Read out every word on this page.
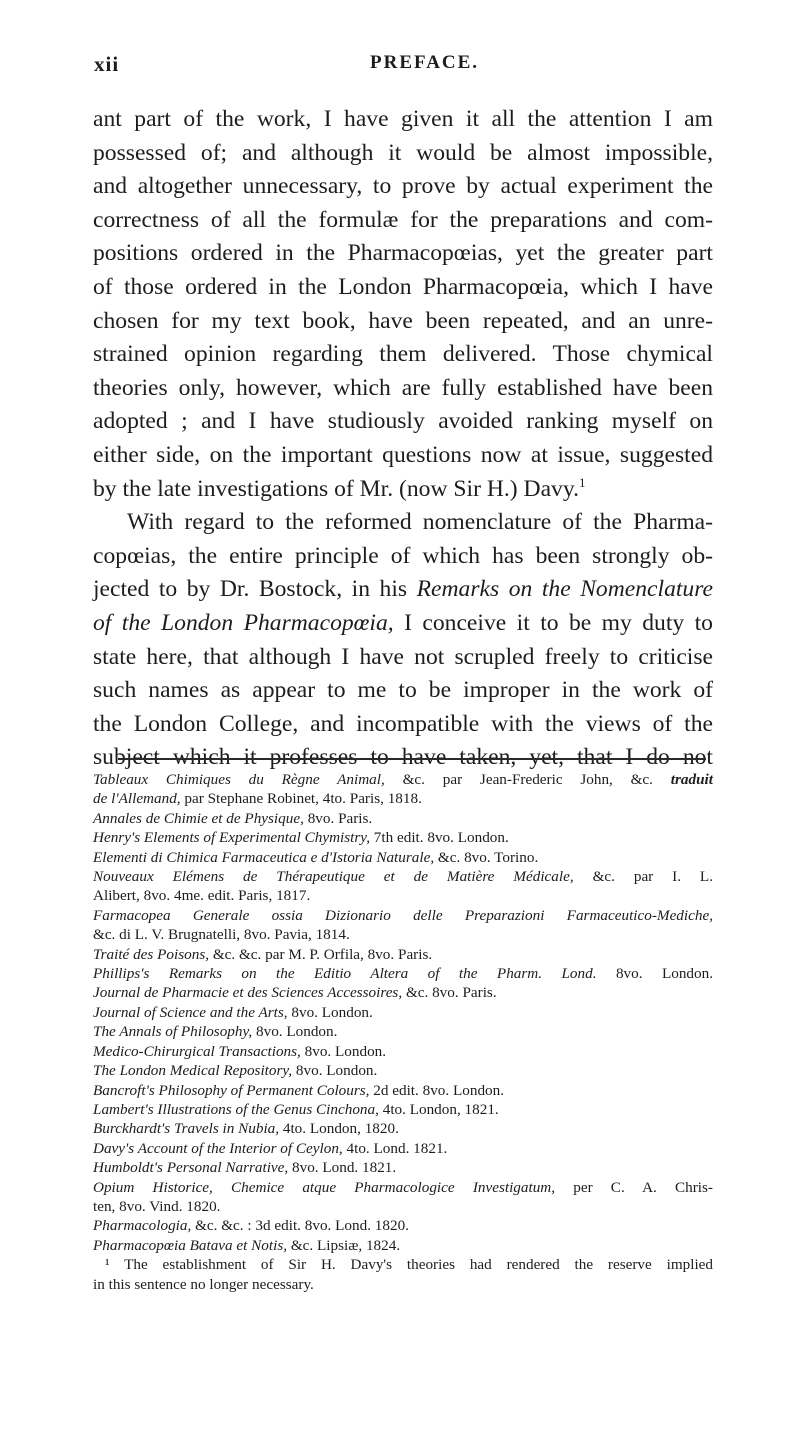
xii	PREFACE.
ant part of the work, I have given it all the attention I am
possessed of; and although it would be almost impossible,
and altogether unnecessary, to prove by actual experiment the
correctness of all the formulæ for the preparations and com-
positions ordered in the Pharmacopœias, yet the greater part
of those ordered in the London Pharmacopœia, which I have
chosen for my text book, have been repeated, and an unre-
strained opinion regarding them delivered. Those chymical
theories only, however, which are fully established have been
adopted ; and I have studiously avoided ranking myself on
either side, on the important questions now at issue, suggested
by the late investigations of Mr. (now Sir H.) Davy.$^1$
With regard to the reformed nomenclature of the Pharma-
copœias, the entire principle of which has been strongly ob-
jected to by Dr. Bostock, in his Remarks on the Nomenclature
of the London Pharmacopœia, I conceive it to be my duty to
state here, that although I have not scrupled freely to criticise
such names as appear to me to be improper in the work of
the London College, and incompatible with the views of the
subject which it professes to have taken, yet, that I do not
Tableaux Chimiques du Règne Animal, &c. par Jean-Frederic John, &c. traduit
de l'Allemand, par Stephane Robinet, 4to. Paris, 1818.
Annales de Chimie et de Physique, 8vo. Paris.
Henry's Elements of Experimental Chymistry, 7th edit. 8vo. London.
Elementi di Chimica Farmaceutica e d'Istoria Naturale, &c. 8vo. Torino.
Nouveaux Elémens de Thérapeutique et de Matière Médicale, &c. par I. L.
Alibert, 8vo. 4me. edit. Paris, 1817.
Farmacopea Generale ossia Dizionario delle Preparazioni Farmaceutico-Mediche,
&c. di L. V. Brugnatelli, 8vo. Pavia, 1814.
Traité des Poisons, &c. &c. par M. P. Orfila, 8vo. Paris.
Phillips's Remarks on the Editio Altera of the Pharm. Lond. 8vo. London.
Journal de Pharmacie et des Sciences Accessoires, &c. 8vo. Paris.
Journal of Science and the Arts, 8vo. London.
The Annals of Philosophy, 8vo. London.
Medico-Chirurgical Transactions, 8vo. London.
The London Medical Repository, 8vo. London.
Bancroft's Philosophy of Permanent Colours, 2d edit. 8vo. London.
Lambert's Illustrations of the Genus Cinchona, 4to. London, 1821.
Burckhardt's Travels in Nubia, 4to. London, 1820.
Davy's Account of the Interior of Ceylon, 4to. Lond. 1821.
Humboldt's Personal Narrative, 8vo. Lond. 1821.
Opium Historice, Chemice atque Pharmacologice Investigatum, per C. A. Chris-
ten, 8vo. Vind. 1820.
Pharmacologia, &c. &c. : 3d edit. 8vo. Lond. 1820.
Pharmacopœia Batava et Notis, &c. Lipsiæ, 1824.
¹ The establishment of Sir H. Davy's theories had rendered the reserve implied
in this sentence no longer necessary.
